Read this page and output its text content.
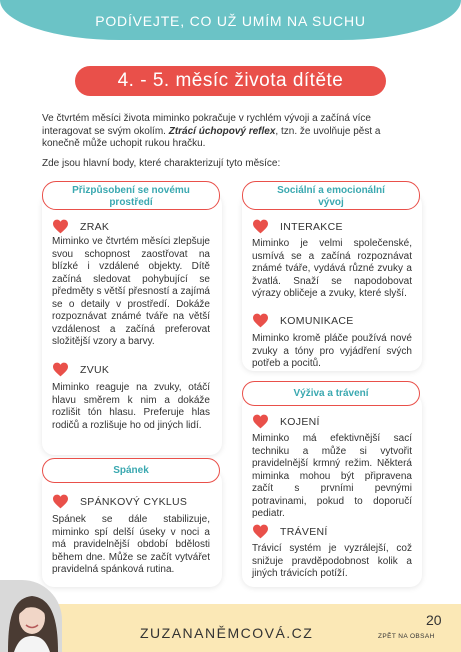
PODÍVEJTE, CO UŽ UMÍM NA SUCHU
4. - 5. měsíc života dítěte
Ve čtvrtém měsíci života miminko pokračuje v rychlém vývoji a začíná více interagovat se svým okolím. Ztrácí úchopový reflex, tzn. že uvolňuje pěst a konečně může uchopit rukou hračku.
Zde jsou hlavní body, které charakterizují tyto měsíce:
Přizpůsobení se novému
prostředí
ZRAK
Miminko ve čtvrtém měsíci zlepšuje svou schopnost zaostřovat na blízké i vzdálené objekty. Dítě začíná sledovat pohybující se předměty s větší přesností a zajímá se o detaily v prostředí. Dokáže rozpoznávat známé tváře na větší vzdálenost a začíná preferovat složitější vzory a barvy.
ZVUK
Miminko reaguje na zvuky, otáčí hlavu směrem k nim a dokáže rozlišit tón hlasu. Preferuje hlas rodičů a rozlišuje ho od jiných lidí.
Spánek
SPÁNKOVÝ CYKLUS
Spánek se dále stabilizuje, miminko spí delší úseky v noci a má pravidelnější období bdělosti během dne. Může se začít vytvářet pravidelná spánková rutina.
Sociální a emocionální
vývoj
INTERAKCE
Miminko je velmi společenské, usmívá se a začíná rozpoznávat známé tváře, vydává různé zvuky a žvatlá. Snaží se napodobovat výrazy obličeje a zvuky, které slyší.
KOMUNIKACE
Miminko kromě pláče používá nové zvuky a tóny pro vyjádření svých potřeb a pocitů.
Výživa a trávení
KOJENÍ
Miminko má efektivnější sací techniku a může si vytvořit pravidelnější krmný režim. Některá miminka mohou být připravena začít s prvními pevnými potravinami, pokud to doporučí pediatr.
TRÁVENÍ
Trávicí systém je vyzrálejší, což snižuje pravděpodobnost kolik a jiných trávicích potíží.
ZUZANANĚMCOVÁ.CZ
20
ZPĚT NA OBSAH
